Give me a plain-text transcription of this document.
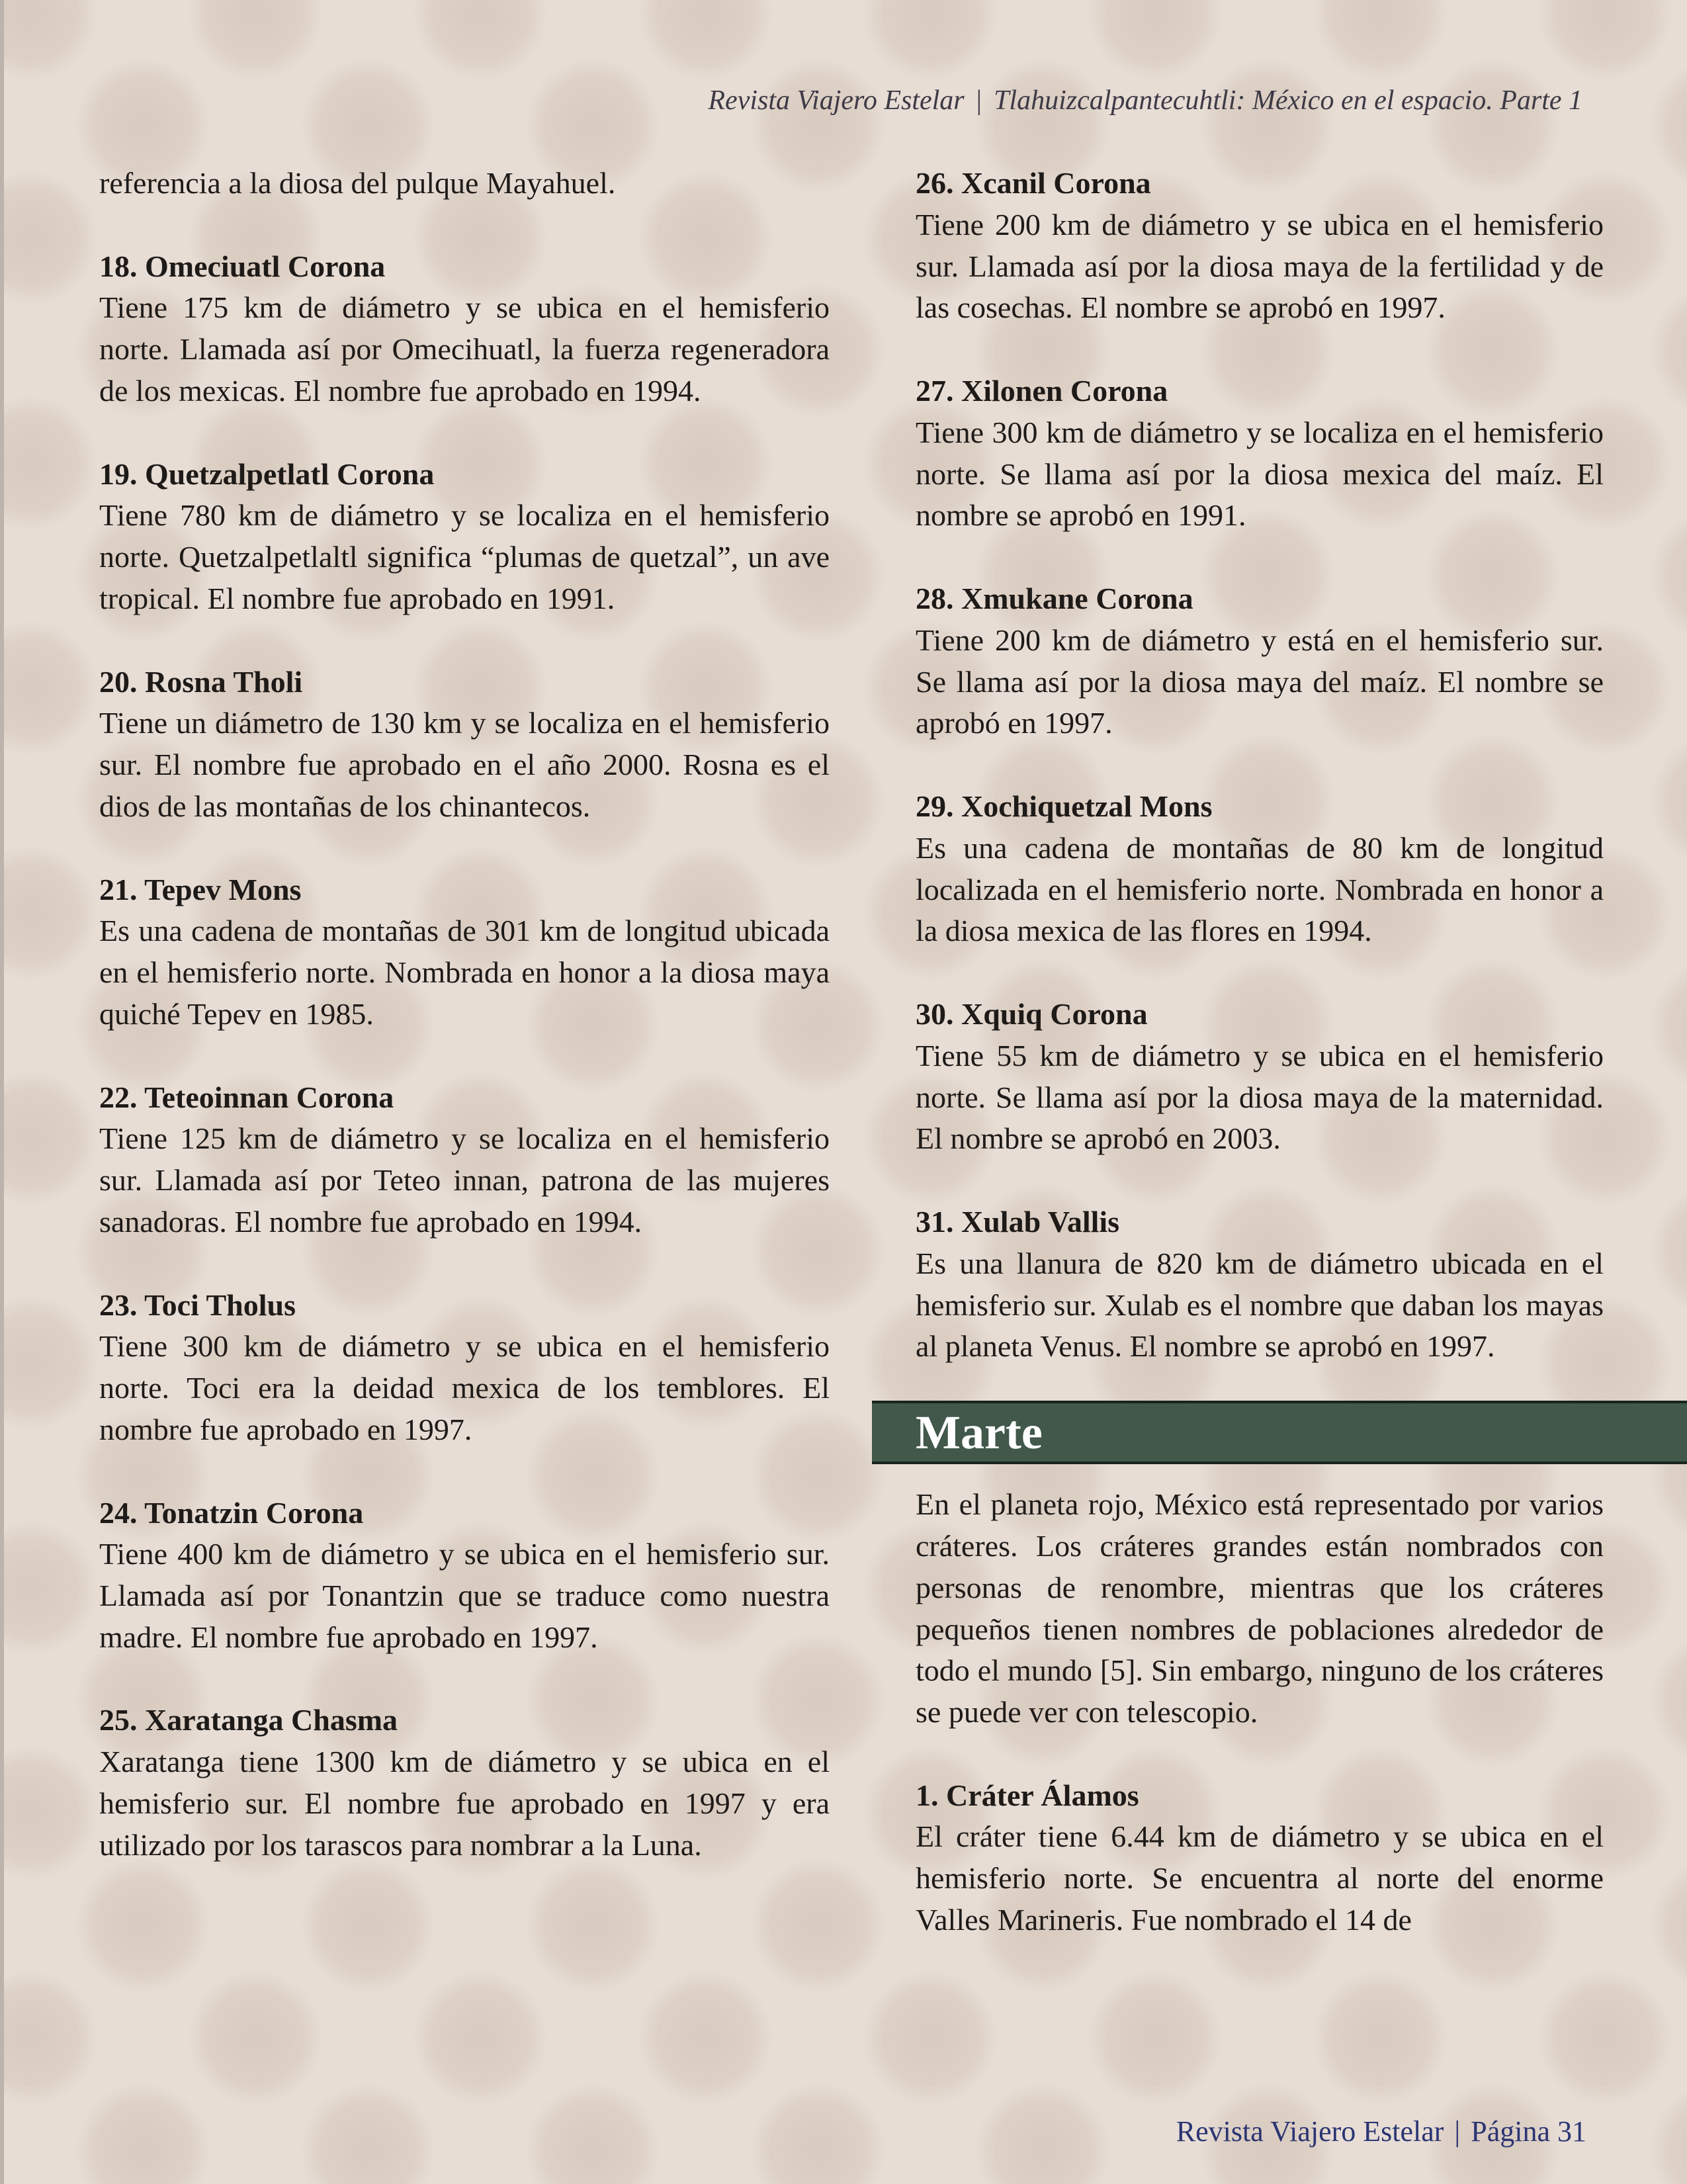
Revista Viajero Estelar | Tlahuizcalpantecuhtli: México en el espacio. Parte 1
referencia a la diosa del pulque Mayahuel.
18. Omeciuatl Corona
Tiene 175 km de diámetro y se ubica en el hemisferio norte. Llamada así por Omecihuatl, la fuerza regeneradora de los mexicas. El nombre fue aprobado en 1994.
19. Quetzalpetlatl Corona
Tiene 780 km de diámetro y se localiza en el hemisferio norte. Quetzalpetlaltl significa “plumas de quetzal”, un ave tropical. El nombre fue aprobado en 1991.
20. Rosna Tholi
Tiene un diámetro de 130 km y se localiza en el hemisferio sur. El nombre fue aprobado en el año 2000. Rosna es el dios de las montañas de los chinantecos.
21. Tepev Mons
Es una cadena de montañas de 301 km de longitud ubicada en el hemisferio norte. Nombrada en honor a la diosa maya quiché Tepev en 1985.
22. Teteoinnan Corona
Tiene 125 km de diámetro y se localiza en el hemisferio sur. Llamada así por Teteo innan, patrona de las mujeres sanadoras. El nombre fue aprobado en 1994.
23. Toci Tholus
Tiene 300 km de diámetro y se ubica en el hemisferio norte. Toci era la deidad mexica de los temblores. El nombre fue aprobado en 1997.
24. Tonatzin Corona
Tiene 400 km de diámetro y se ubica en el hemisferio sur. Llamada así por Tonantzin que se traduce como nuestra madre. El nombre fue aprobado en 1997.
25. Xaratanga Chasma
Xaratanga tiene 1300 km de diámetro y se ubica en el hemisferio sur. El nombre fue aprobado en 1997 y era utilizado por los tarascos para nombrar a la Luna.
26. Xcanil Corona
Tiene 200 km de diámetro y se ubica en el hemisferio sur. Llamada así por la diosa maya de la fertilidad y de las cosechas. El nombre se aprobó en 1997.
27. Xilonen Corona
Tiene 300 km de diámetro y se localiza en el hemisferio norte. Se llama así por la diosa mexica del maíz. El nombre se aprobó en 1991.
28. Xmukane Corona
Tiene 200 km de diámetro y está en el hemisferio sur. Se llama así por la diosa maya del maíz. El nombre se aprobó en 1997.
29. Xochiquetzal Mons
Es una cadena de montañas de 80 km de longitud localizada en el hemisferio norte. Nombrada en honor a la diosa mexica de las flores en 1994.
30. Xquiq Corona
Tiene 55 km de diámetro y se ubica en el hemisferio norte. Se llama así por la diosa maya de la maternidad. El nombre se aprobó en 2003.
31. Xulab Vallis
Es una llanura de 820 km de diámetro ubicada en el hemisferio sur. Xulab es el nombre que daban los mayas al planeta Venus. El nombre se aprobó en 1997.
Marte
En el planeta rojo, México está representado por varios cráteres. Los cráteres grandes están nombrados con personas de renombre, mientras que los cráteres pequeños tienen nombres de poblaciones alrededor de todo el mundo [5]. Sin embargo, ninguno de los cráteres se puede ver con telescopio.
1. Cráter Álamos
El cráter tiene 6.44 km de diámetro y se ubica en el hemisferio norte. Se encuentra al norte del enorme Valles Marineris. Fue nombrado el 14 de
Revista Viajero Estelar | Página 31
